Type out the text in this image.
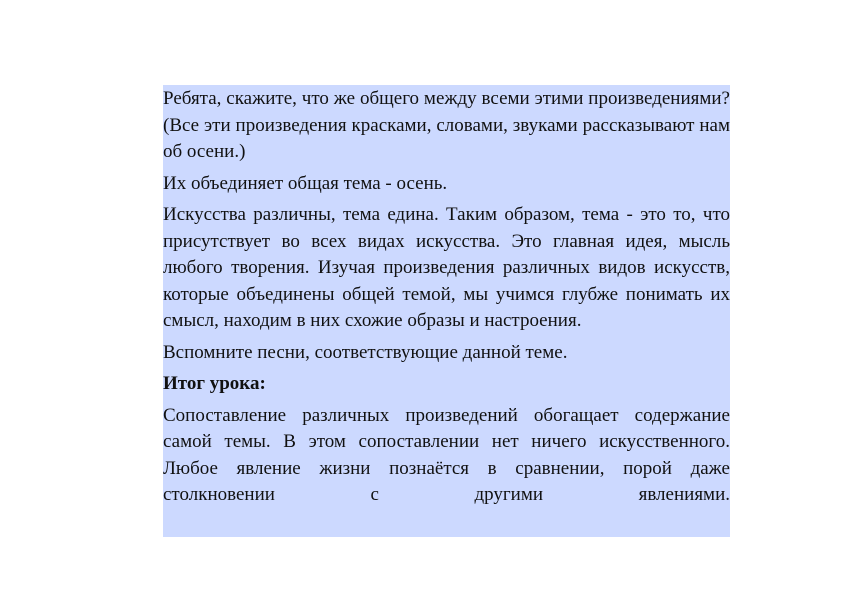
Ребята, скажите, что же общего между всеми этими произведениями? (Все эти произведения красками, словами, звуками рассказывают нам об осени.)

Их объединяет общая тема - осень.

Искусства различны, тема едина. Таким образом, тема - это то, что присутствует во всех видах искусства. Это главная идея, мысль любого творения. Изучая произведения различных видов искусств, которые объединены общей темой, мы учимся глубже понимать их смысл, находим в них схожие образы и настроения.

Вспомните песни, соответствующие данной теме.

Итог урока:

Сопоставление различных произведений обогащает содержание самой темы. В этом сопоставлении нет ничего искусственного. Любое явление жизни познаётся в сравнении, порой даже столкновении с другими явлениями.
